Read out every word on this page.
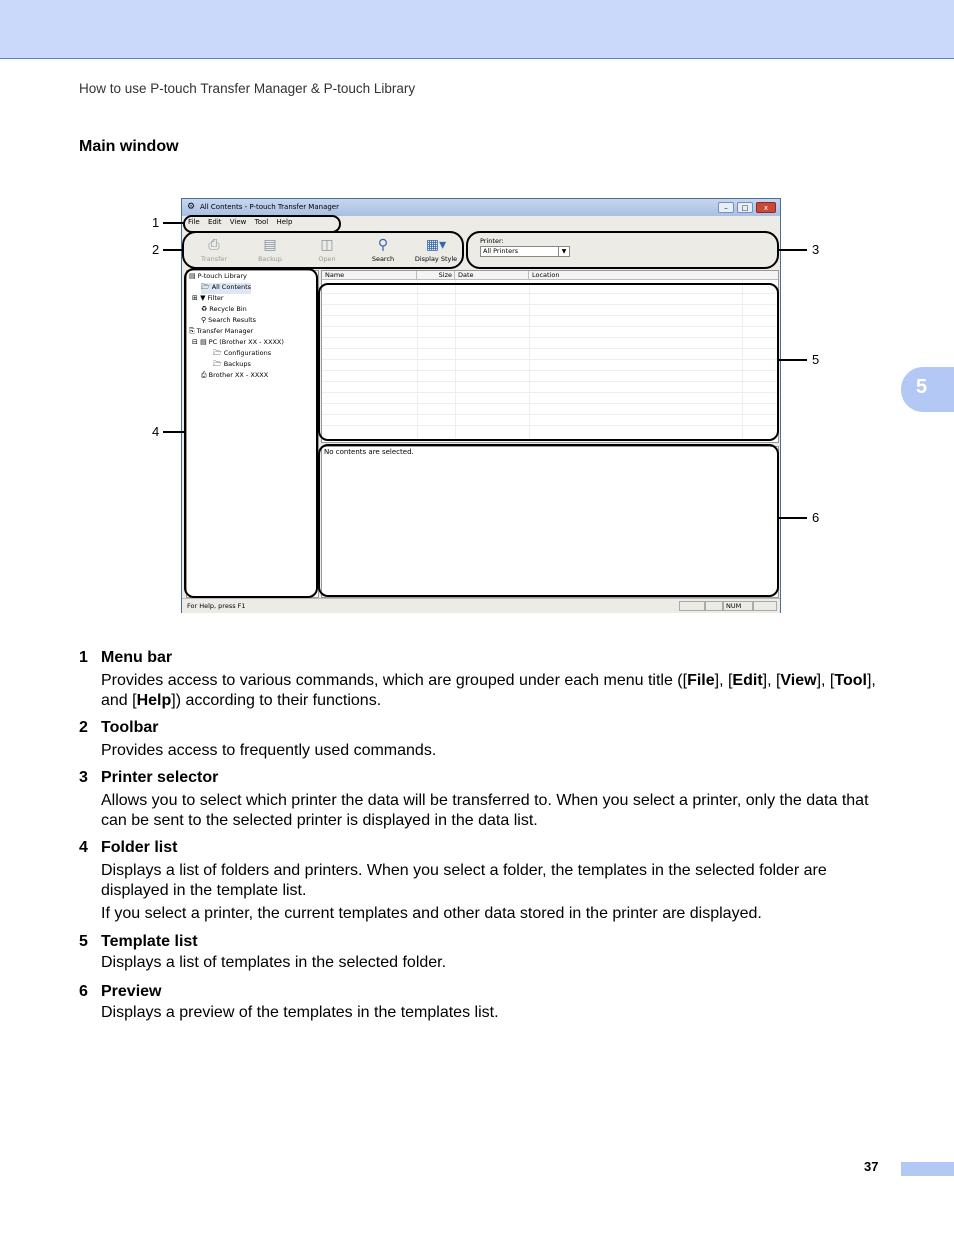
How to use P-touch Transfer Manager & P-touch Library
Main window
5
⚙ All Contents - P-touch Transfer Manager	–	□	x
File Edit View Tool Help
⎙
Transfer
▤
Backup
◫
Open
⚲
Search
▦▾
Display Style
Printer:
All Printers	▼
▤ P-touch Library
🗁 All Contents
⊞ ▼ Filter
♻ Recycle Bin
⚲ Search Results
⎘ Transfer Manager
⊟ ▤ PC (Brother XX - XXXX)
🗁 Configurations
🗁 Backups
⎙ Brother XX - XXXX
Name	Size Date	Location
No contents are selected.
For Help, press F1	NUM
1
2	3
4
5
6
1 Menu bar

Provides access to various commands, which are grouped under each menu title ([File], [Edit], [View], [Tool], and [Help]) according to their functions.

2 Toolbar

Provides access to frequently used commands.

3 Printer selector

Allows you to select which printer the data will be transferred to. When you select a printer, only the data that can be sent to the selected printer is displayed in the data list.

4 Folder list

Displays a list of folders and printers. When you select a folder, the templates in the selected folder are displayed in the template list.

If you select a printer, the current templates and other data stored in the printer are displayed.

5 Template list

Displays a list of templates in the selected folder.

6 Preview

Displays a preview of the templates in the templates list.

37
